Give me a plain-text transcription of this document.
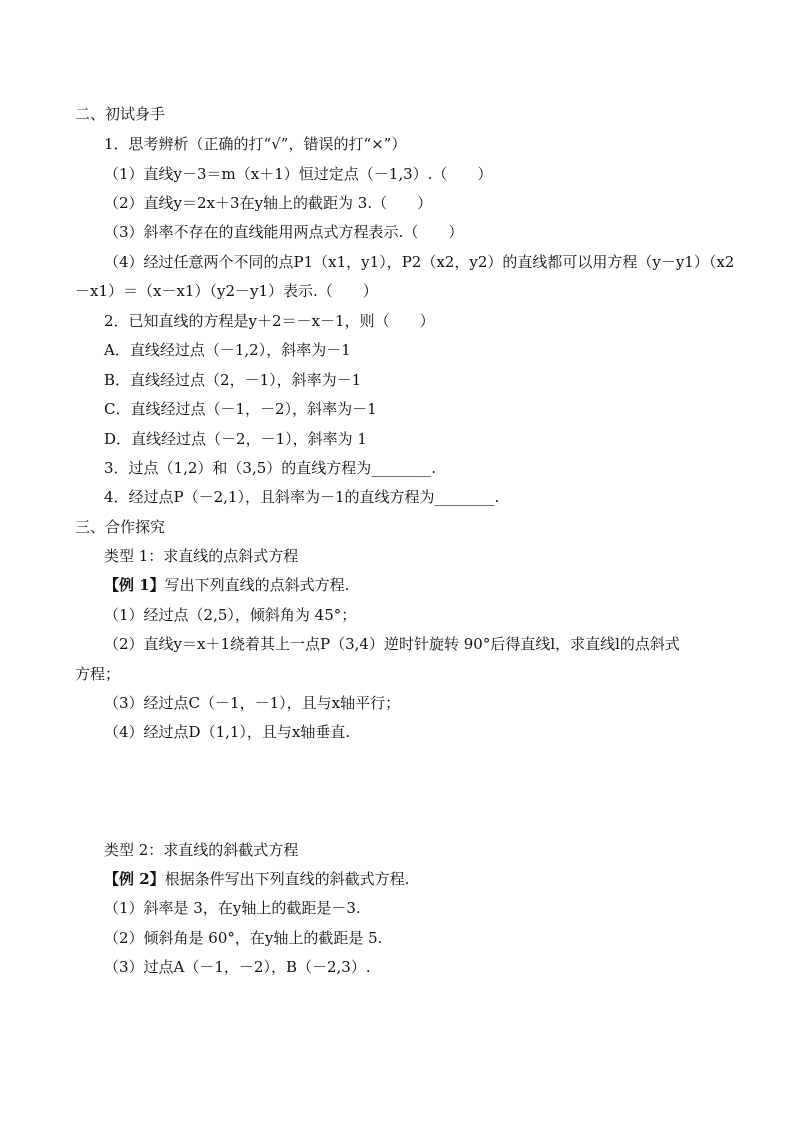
二、初试身手
1．思考辨析（正确的打“√”，错误的打“×”）
（1）直线y－3＝m（x＋1）恒过定点（－1,3）.（　　）
（2）直线y＝2x＋3在y轴上的截距为 3.（　　）
（3）斜率不存在的直线能用两点式方程表示.（　　）
（4）经过任意两个不同的点P1（x1，y1），P2（x2，y2）的直线都可以用方程（y－y1）（x2
－x1）＝（x－x1）（y2－y1）表示.（　　）
2．已知直线的方程是y＋2＝－x－1，则（　　）
A．直线经过点（－1,2），斜率为－1
B．直线经过点（2，－1），斜率为－1
C．直线经过点（－1，－2），斜率为－1
D．直线经过点（－2，－1），斜率为 1
3．过点（1,2）和（3,5）的直线方程为________.
4．经过点P（－2,1），且斜率为－1的直线方程为________.
三、合作探究
类型 1：求直线的点斜式方程
【例 1】写出下列直线的点斜式方程.
（1）经过点（2,5），倾斜角为 45°；
（2）直线y＝x＋1绕着其上一点P（3,4）逆时针旋转 90°后得直线l，求直线l的点斜式
方程；
（3）经过点C（－1，－1），且与x轴平行；
（4）经过点D（1,1），且与x轴垂直.
类型 2：求直线的斜截式方程
【例 2】根据条件写出下列直线的斜截式方程.
（1）斜率是 3，在y轴上的截距是－3.
（2）倾斜角是 60°，在y轴上的截距是 5.
（3）过点A（－1，－2），B（－2,3）.
